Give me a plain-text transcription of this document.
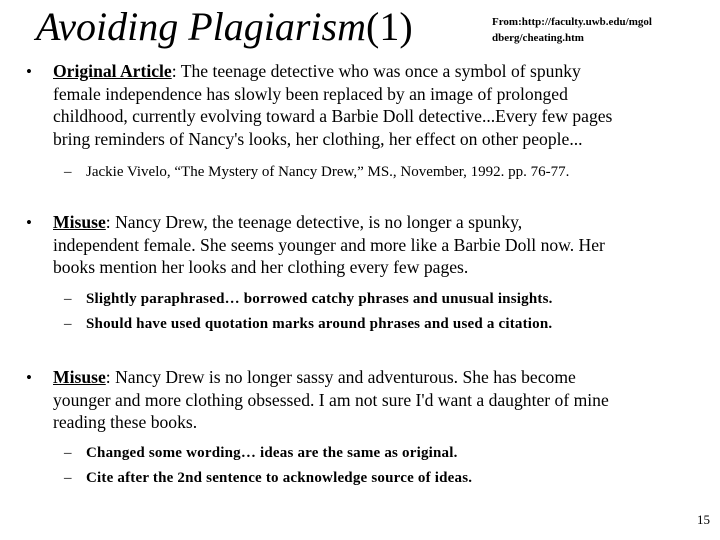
Avoiding Plagiarism(1)	From:http://faculty.uwb.edu/mgol
dberg/cheating.htm
• Original Article: The teenage detective who was once a symbol of spunky
female independence has slowly been replaced by an image of prolonged
childhood, currently evolving toward a Barbie Doll detective...Every few pages
bring reminders of Nancy's looks, her clothing, her effect on other people...
– Jackie Vivelo, “The Mystery of Nancy Drew,” MS., November, 1992. pp. 76-77.
• Misuse: Nancy Drew, the teenage detective, is no longer a spunky,
independent female. She seems younger and more like a Barbie Doll now. Her
books mention her looks and her clothing every few pages.
– Slightly paraphrased… borrowed catchy phrases and unusual insights.
– Should have used quotation marks around phrases and used a citation.
• Misuse: Nancy Drew is no longer sassy and adventurous. She has become
younger and more clothing obsessed. I am not sure I'd want a daughter of mine
reading these books.
– Changed some wording… ideas are the same as original.
– Cite after the 2nd sentence to acknowledge source of ideas.
15
